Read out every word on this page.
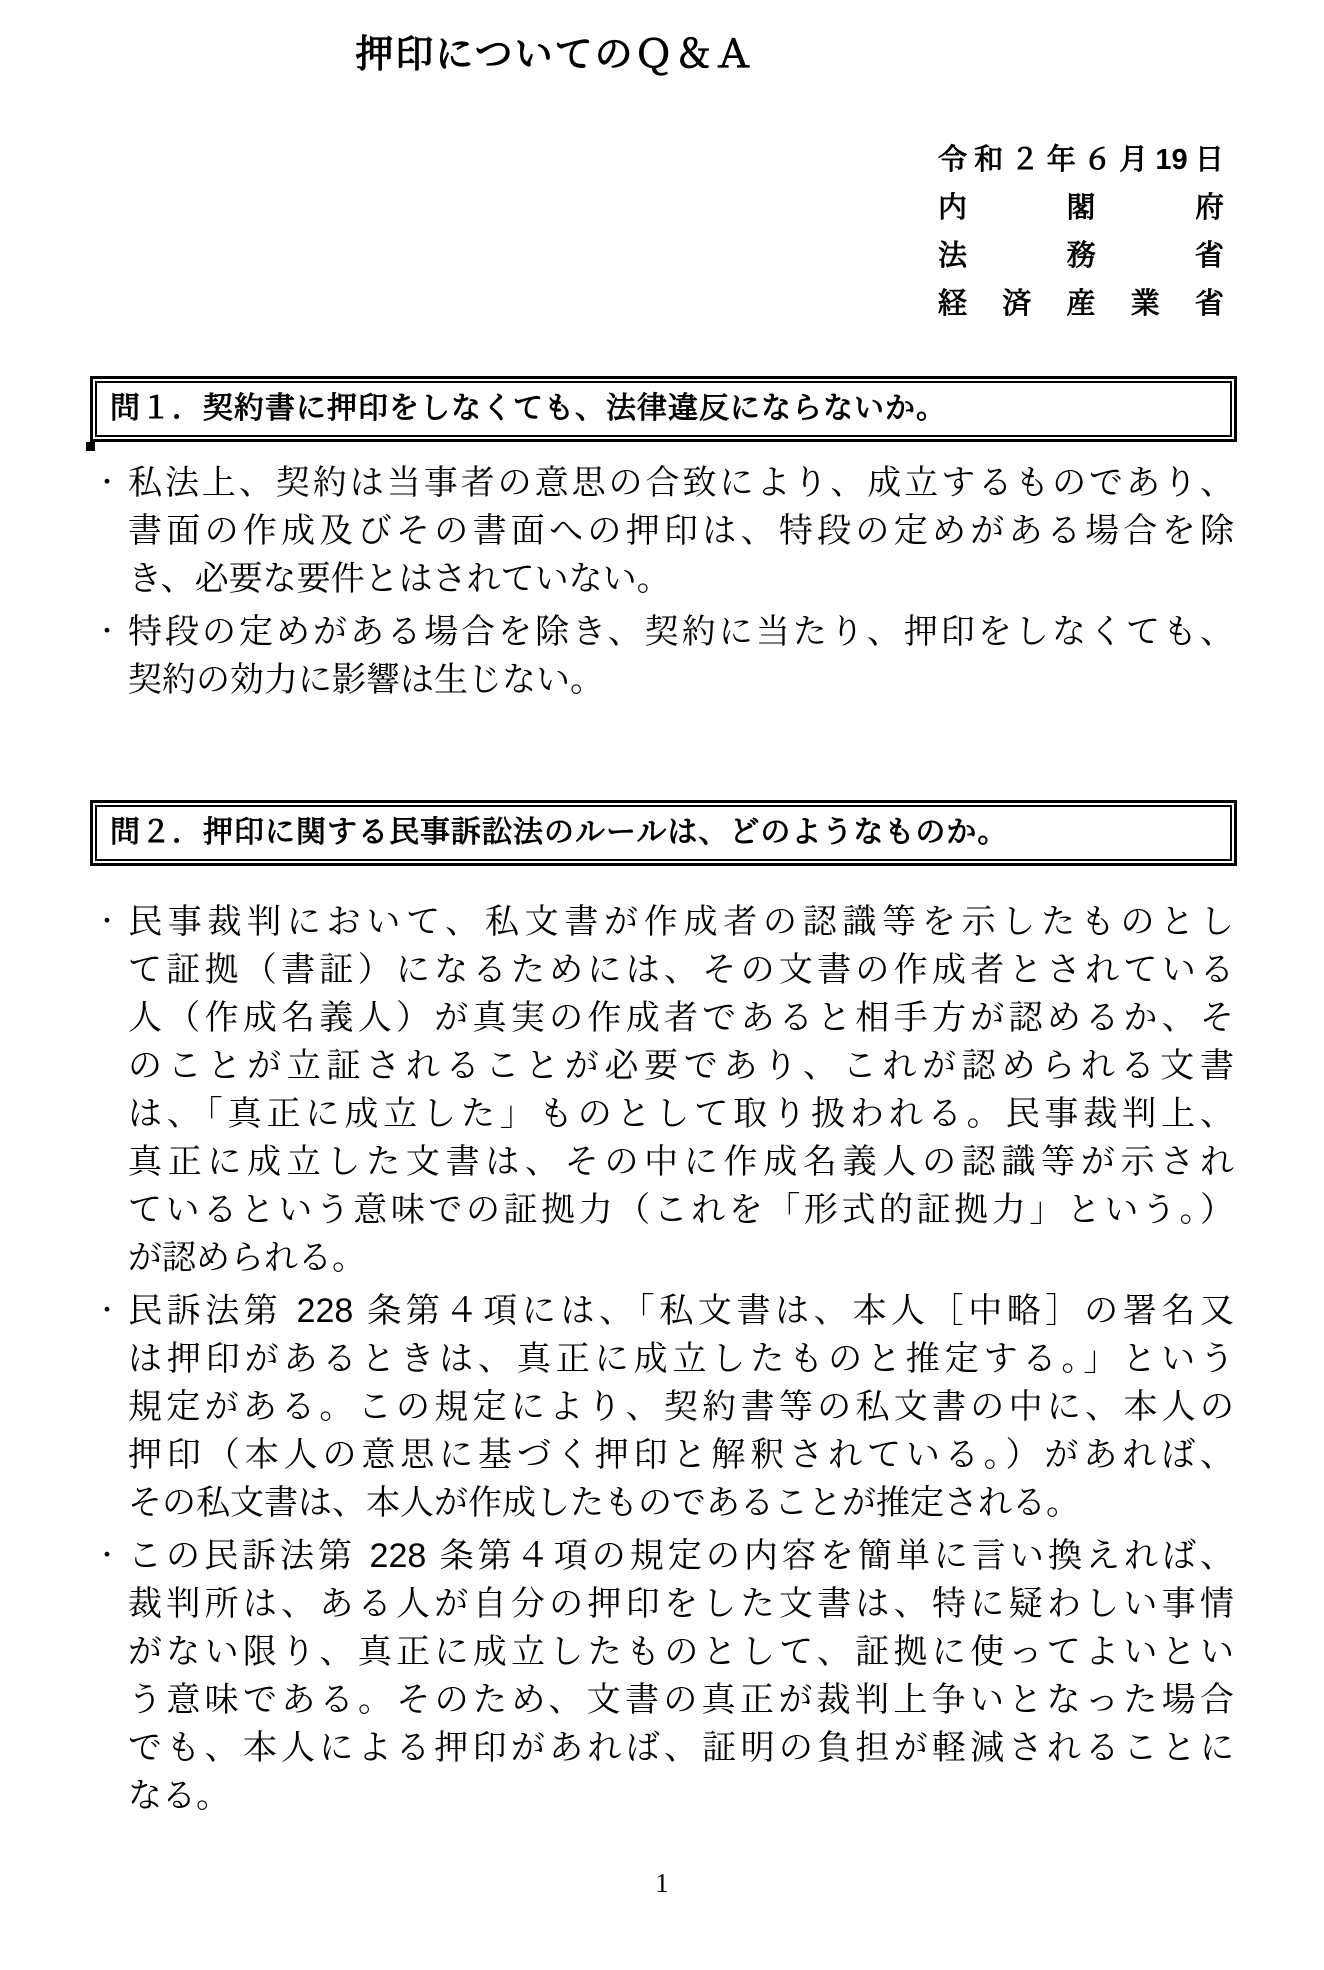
押印についてのＱ＆Ａ
令 和 ２ 年 ６ 月 19 日
内	閣	府
法	務	省
経 済 産 業 省
問１．契約書に押印をしなくても、法律違反にならないか。
・ 私法上、契約は当事者の意思の合致により、成立するものであり、
書面の作成及びその書面への押印は、特段の定めがある場合を除
き、必要な要件とはされていない。
・ 特段の定めがある場合を除き、契約に当たり、押印をしなくても、
契約の効力に影響は生じない。
問２．押印に関する民事訴訟法のルールは、どのようなものか。
・ 民事裁判において、私文書が作成者の認識等を示したものとし
て証拠（書証）になるためには、その文書の作成者とされている
人（作成名義人）が真実の作成者であると相手方が認めるか、そ
のことが立証されることが必要であり、これが認められる文書
は、「真正に成立した」ものとして取り扱われる。民事裁判上、
真正に成立した文書は、その中に作成名義人の認識等が示され
ているという意味での証拠力（これを「形式的証拠力」という。）
が認められる。
・ 民訴法第 228 条第４項には、「私文書は、本人［中略］の署名又
は押印があるときは、真正に成立したものと推定する。」という
規定がある。この規定により、契約書等の私文書の中に、本人の
押印（本人の意思に基づく押印と解釈されている。）があれば、
その私文書は、本人が作成したものであることが推定される。
・ この民訴法第 228 条第４項の規定の内容を簡単に言い換えれば、
裁判所は、ある人が自分の押印をした文書は、特に疑わしい事情
がない限り、真正に成立したものとして、証拠に使ってよいとい
う意味である。そのため、文書の真正が裁判上争いとなった場合
でも、本人による押印があれば、証明の負担が軽減されることに
なる。
1
